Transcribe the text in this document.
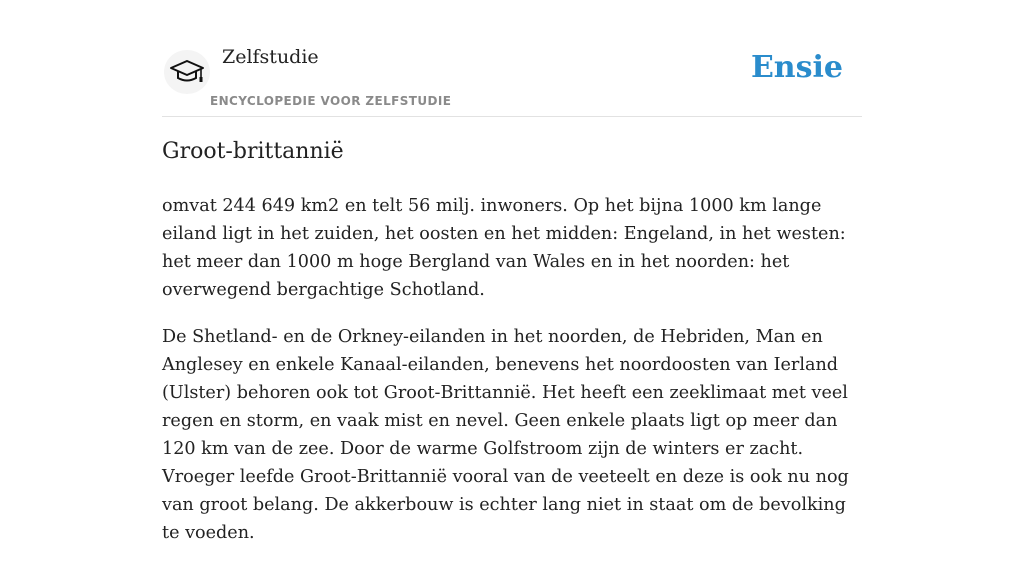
Zelfstudie
ENCYCLOPEDIE VOOR ZELFSTUDIE
Ensie
Groot-brittannië

omvat 244 649 km2 en telt 56 milj. inwoners. Op het bijna 1000 km lange eiland ligt in het zuiden, het oosten en het midden: Engeland, in het westen: het meer dan 1000 m hoge Bergland van Wales en in het noorden: het overwegend bergachtige Schotland.

De Shetland- en de Orkney-eilanden in het noorden, de Hebriden, Man en Anglesey en enkele Kanaal-eilanden, benevens het noordoosten van Ierland (Ulster) behoren ook tot Groot-Brittannië. Het heeft een zeeklimaat met veel regen en storm, en vaak mist en nevel. Geen enkele plaats ligt op meer dan 120 km van de zee. Door de warme Golfstroom zijn de winters er zacht. Vroeger leefde Groot-Brittannië vooral van de veeteelt en deze is ook nu nog van groot belang. De akkerbouw is echter lang niet in staat om de bevolking te voeden.
